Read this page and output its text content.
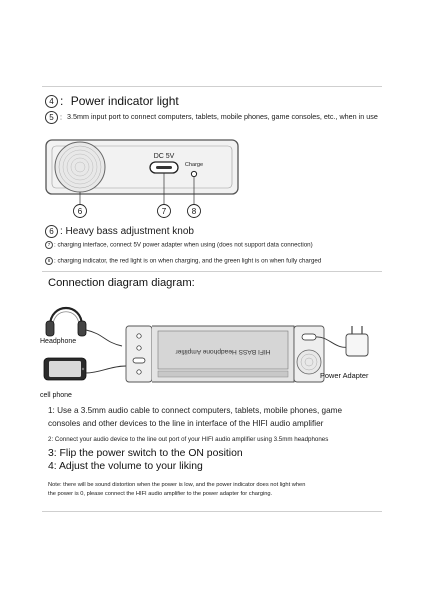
4 : Power indicator light
5 : 3.5mm input port to connect computers, tablets, mobile phones, game consoles, etc., when in use
DC 5V
Charge
6	7	8
6 : Heavy bass adjustment knob
7 : charging interface, connect 5V power adapter when using (does not support data connection)
8 : charging indicator, the red light is on when charging, and the green light is on when fully charged
Connection diagram diagram:
HIFI BASS Headphone Amplifier
Headphone
cell phone
Power Adapter
1: Use a 3.5mm audio cable to connect computers, tablets, mobile phones, game
consoles and other devices to the line in interface of the HIFI audio amplifier
2: Connect your audio device to the line out port of your HIFI audio amplifier using 3.5mm headphones
3: Flip the power switch to the ON position
4: Adjust the volume to your liking
Note: there will be sound distortion when the power is low, and the power indicator does not light when
the power is 0, please connect the HIFI audio amplifier to the power adapter for charging.
